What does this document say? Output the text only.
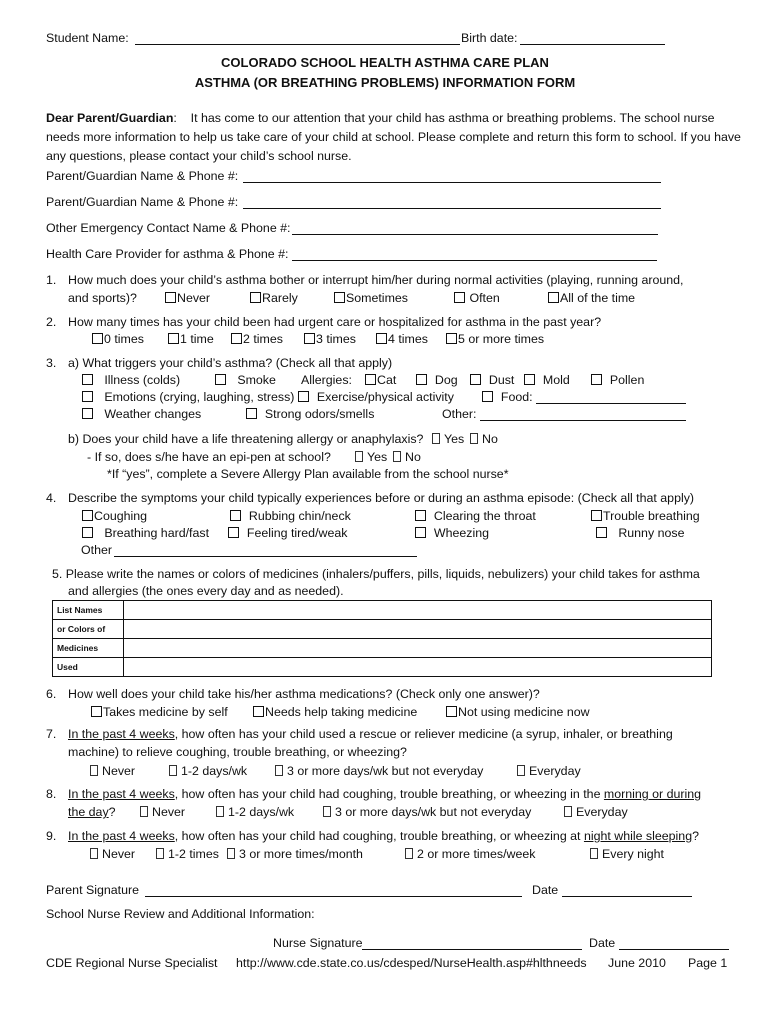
Student Name:	Birth date:
COLORADO SCHOOL HEALTH ASTHMA CARE PLAN
ASTHMA (OR BREATHING PROBLEMS) INFORMATION FORM
Dear Parent/Guardian:    It has come to our attention that your child has asthma or breathing problems. The school nurse needs more information to help us take care of your child at school. Please complete and return this form to school. If you have any questions, please contact your child’s school nurse.
Parent/Guardian Name & Phone #:
Parent/Guardian Name & Phone #:
Other Emergency Contact Name & Phone #:
Health Care Provider for asthma & Phone #:
1. How much does your child’s asthma bother or interrupt him/her during normal activities (playing, running around,
and sports)?	Never	Rarely	Sometimes	Often	All of the time
2. How many times has your child been had urgent care or hospitalized for asthma in the past year?
0 times	1 time	2 times	3 times	4 times	5 or more times
3. a) What triggers your child’s asthma? (Check all that apply)
Illness (colds)	Smoke Allergies:	Cat	Dog	Dust	Mold	Pollen
Emotions (crying, laughing, stress)	Exercise/physical activity	Food:
Weather changes	Strong odors/smells	Other:
b) Does your child have a life threatening allergy or anaphylaxis?	Yes	No
- If so, does s/he have an epi-pen at school?	Yes	No
*If “yes”, complete a Severe Allergy Plan available from the school nurse*
4. Describe the symptoms your child typically experiences before or during an asthma episode: (Check all that apply)
Coughing	Rubbing chin/neck	Clearing the throat	Trouble breathing
Breathing hard/fast	Feeling tired/weak	Wheezing	Runny nose
Other
5. Please write the names or colors of medicines (inhalers/puffers, pills, liquids, nebulizers) your child takes for asthma
and allergies (the ones every day and as needed).
List Names	
or Colors of	
Medicines	
Used	
6. How well does your child take his/her asthma medications? (Check only one answer)?
Takes medicine by self	Needs help taking medicine	Not using medicine now
7. In the past 4 weeks, how often has your child used a rescue or reliever medicine (a syrup, inhaler, or breathing
machine) to relieve coughing, trouble breathing, or wheezing?
Never	1-2 days/wk	3 or more days/wk but not everyday	Everyday
8. In the past 4 weeks, how often has your child had coughing, trouble breathing, or wheezing in the morning or during
the day?	Never	1-2 days/wk	3 or more days/wk but not everyday	Everyday
9. In the past 4 weeks, how often has your child had coughing, trouble breathing, or wheezing at night while sleeping?
Never	1-2 times	3 or more times/month	2 or more times/week	Every night
Parent Signature	Date
School Nurse Review and Additional Information:
Nurse Signature	Date
CDE Regional Nurse Specialist http://www.cde.state.co.us/cdesped/NurseHealth.asp#hlthneeds June 2010 Page 1
